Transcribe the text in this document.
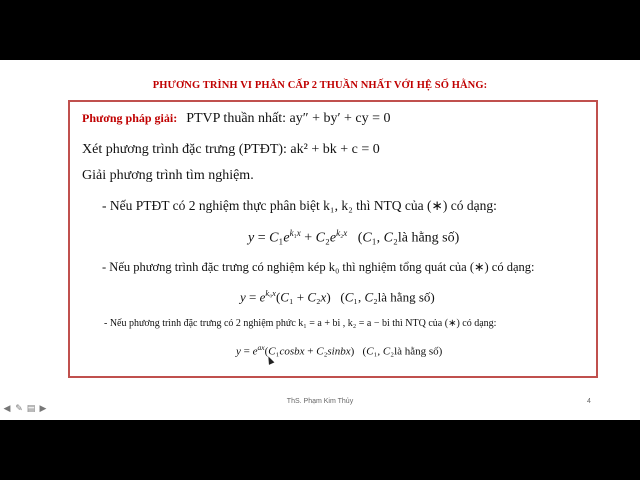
PHƯƠNG TRÌNH VI PHÂN CẤP 2 THUẦN NHẤT VỚI HỆ SỐ HẰNG:
Phương pháp giải: PTVP thuần nhất: ay″ + by′ + cy = 0
Xét phương trình đặc trưng (PTĐT): ak² + bk + c = 0
Giải phương trình tìm nghiệm.
- Nếu PTĐT có 2 nghiệm thực phân biệt k₁, k₂ thì NTQ của (∗) có dạng:
$y = C_1e^{k_1x} + C_2e^{k_2x}$   (C₁, C₂là hằng số)
- Nếu phương trình đặc trưng có nghiệm kép k₀ thì nghiệm tổng quát của (∗) có dạng:
$y = e^{k_0x}(C_1 + C_2x)$   (C₁, C₂là hằng số)
- Nếu phương trình đặc trưng có 2 nghiệm phức k₁ = a + bi , k₂ = a − bi thì NTQ của (∗) có dạng:
$y = e^{ax}(C_1cosbx$ + C₂sinbx)   (C₁, C₂là hằng số)
ThS. Phạm Kim Thủy	4
◀ ✎ ▤ ▶
